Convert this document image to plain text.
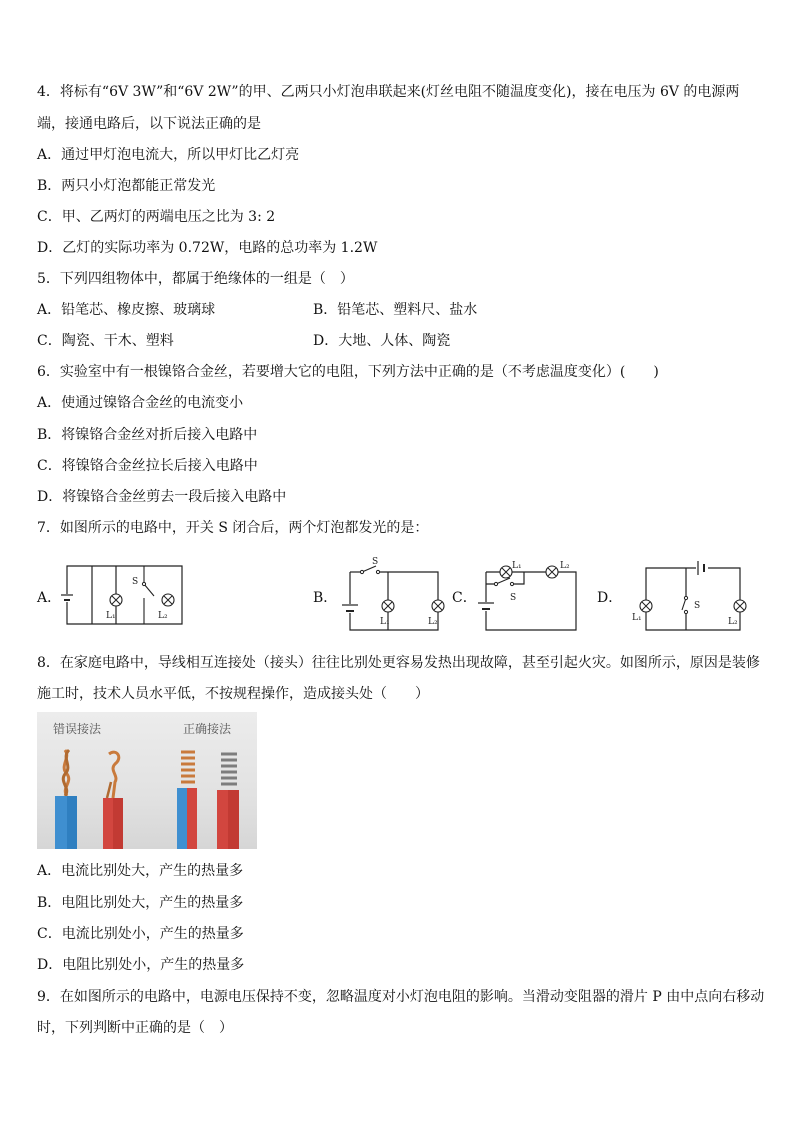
4．将标有“6V 3W”和“6V 2W”的甲、乙两只小灯泡串联起来(灯丝电阻不随温度变化)，接在电压为 6V 的电源两
端，接通电路后，以下说法正确的是
A．通过甲灯泡电流大，所以甲灯比乙灯亮
B．两只小灯泡都能正常发光
C．甲、乙两灯的两端电压之比为 3: 2
D．乙灯的实际功率为 0.72W，电路的总功率为 1.2W
5．下列四组物体中，都属于绝缘体的一组是（　）
A．铅笔芯、橡皮擦、玻璃球	B．铅笔芯、塑料尺、盐水
C．陶瓷、干木、塑料	D．大地、人体、陶瓷
6．实验室中有一根镍铬合金丝，若要增大它的电阻，下列方法中正确的是（不考虑温度变化）(　　)
A．使通过镍铬合金丝的电流变小
B．将镍铬合金丝对折后接入电路中
C．将镍铬合金丝拉长后接入电路中
D．将镍铬合金丝剪去一段后接入电路中
7．如图所示的电路中，开关 S 闭合后，两个灯泡都发光的是：
A．
S
L₁	L₂
B．
S
L₁	L₂
C．
L₁	L₂
S	D．	S
L₁	L₂
8．在家庭电路中，导线相互连接处（接头）往往比别处更容易发热出现故障，甚至引起火灾。如图所示，原因是装修
施工时，技术人员水平低，不按规程操作，造成接头处（　　）
错误接法	正确接法
A．电流比别处大，产生的热量多
B．电阻比别处大，产生的热量多
C．电流比别处小，产生的热量多
D．电阻比别处小，产生的热量多
9．在如图所示的电路中，电源电压保持不变，忽略温度对小灯泡电阻的影响。当滑动变阻器的滑片 P 由中点向右移动
时，下列判断中正确的是（　）
